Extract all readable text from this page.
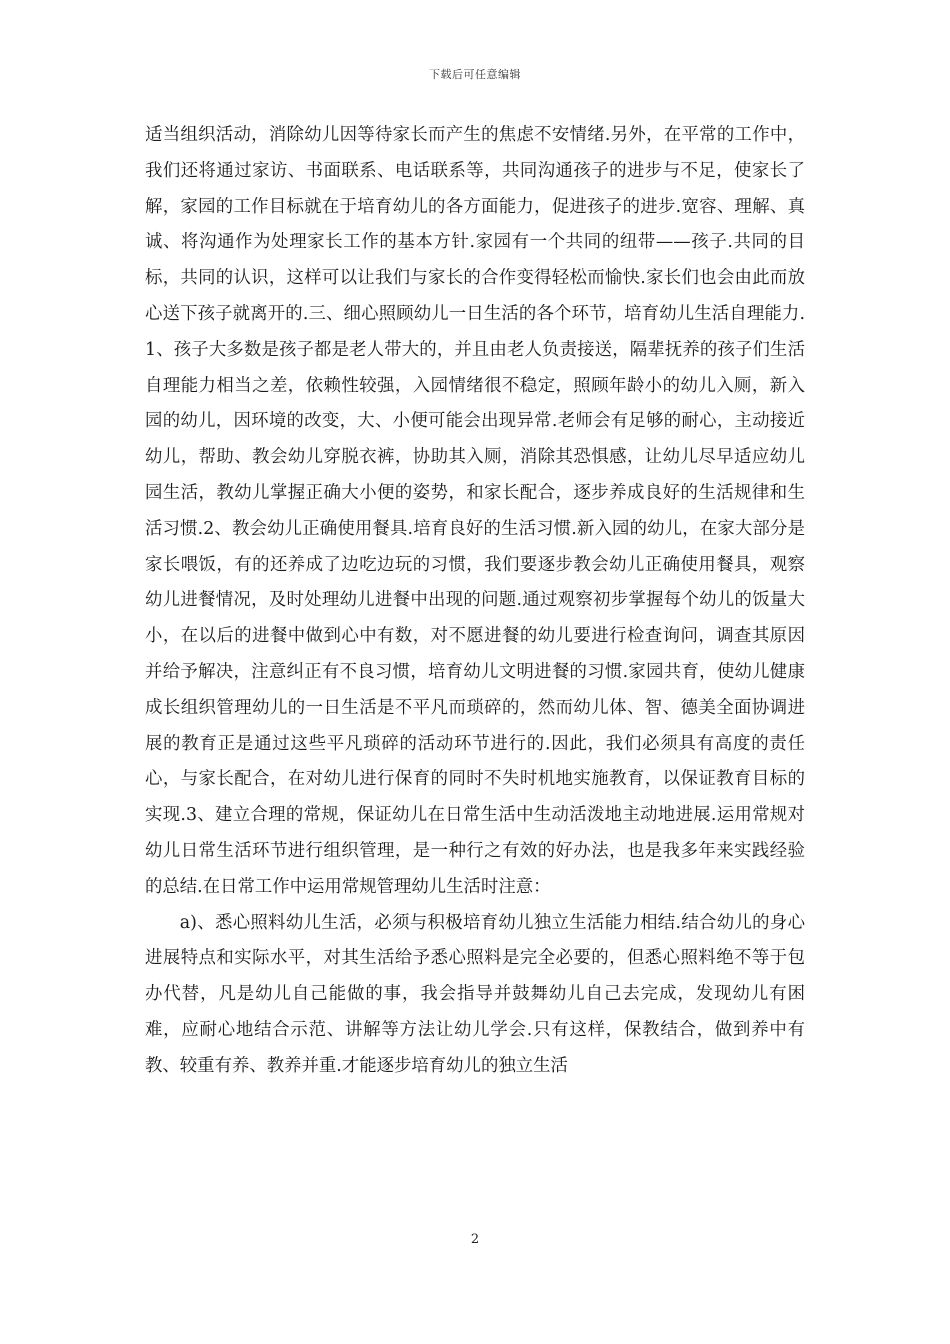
下载后可任意编辑

适当组织活动，消除幼儿因等待家长而产生的焦虑不安情绪.另外，在平常的工作中，我们还将通过家访、书面联系、电话联系等，共同沟通孩子的进步与不足，使家长了解，家园的工作目标就在于培育幼儿的各方面能力，促进孩子的进步.宽容、理解、真诚、将沟通作为处理家长工作的基本方针.家园有一个共同的纽带——孩子.共同的目标，共同的认识，这样可以让我们与家长的合作变得轻松而愉快.家长们也会由此而放心送下孩子就离开的.三、细心照顾幼儿一日生活的各个环节，培育幼儿生活自理能力.1、孩子大多数是孩子都是老人带大的，并且由老人负责接送，隔辈抚养的孩子们生活自理能力相当之差，依赖性较强，入园情绪很不稳定，照顾年龄小的幼儿入厕，新入园的幼儿，因环境的改变，大、小便可能会出现异常.老师会有足够的耐心，主动接近幼儿，帮助、教会幼儿穿脱衣裤，协助其入厕，消除其恐惧感，让幼儿尽早适应幼儿园生活，教幼儿掌握正确大小便的姿势，和家长配合，逐步养成良好的生活规律和生活习惯.2、教会幼儿正确使用餐具.培育良好的生活习惯.新入园的幼儿，在家大部分是家长喂饭，有的还养成了边吃边玩的习惯，我们要逐步教会幼儿正确使用餐具，观察幼儿进餐情况，及时处理幼儿进餐中出现的问题.通过观察初步掌握每个幼儿的饭量大小，在以后的进餐中做到心中有数，对不愿进餐的幼儿要进行检查询问，调查其原因并给予解决，注意纠正有不良习惯，培育幼儿文明进餐的习惯.家园共育，使幼儿健康成长组织管理幼儿的一日生活是不平凡而琐碎的，然而幼儿体、智、德美全面协调进展的教育正是通过这些平凡琐碎的活动环节进行的.因此，我们必须具有高度的责任心，与家长配合，在对幼儿进行保育的同时不失时机地实施教育，以保证教育目标的实现.3、建立合理的常规，保证幼儿在日常生活中生动活泼地主动地进展.运用常规对幼儿日常生活环节进行组织管理，是一种行之有效的好办法，也是我多年来实践经验的总结.在日常工作中运用常规管理幼儿生活时注意：

a)、悉心照料幼儿生活，必须与积极培育幼儿独立生活能力相结.结合幼儿的身心进展特点和实际水平，对其生活给予悉心照料是完全必要的，但悉心照料绝不等于包办代替，凡是幼儿自己能做的事，我会指导并鼓舞幼儿自己去完成，发现幼儿有困难，应耐心地结合示范、讲解等方法让幼儿学会.只有这样，保教结合，做到养中有教、较重有养、教养并重.才能逐步培育幼儿的独立生活

2
